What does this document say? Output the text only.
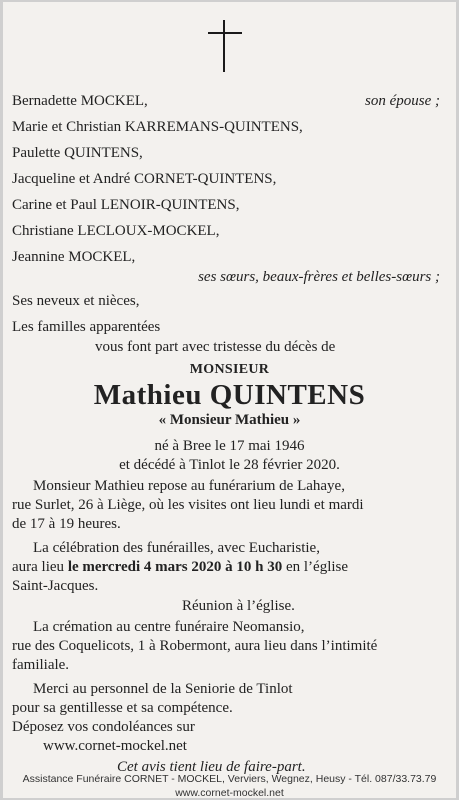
Bernadette MOCKEL,	son épouse ;
Marie et Christian KARREMANS-QUINTENS,
Paulette QUINTENS,
Jacqueline et André CORNET-QUINTENS,
Carine et Paul LENOIR-QUINTENS,
Christiane LECLOUX-MOCKEL,
Jeannine MOCKEL,
ses sœurs, beaux-frères et belles-sœurs ;
Ses neveux et nièces,
Les familles apparentées
vous font part avec tristesse du décès de
MONSIEUR
Mathieu QUINTENS
« Monsieur Mathieu »
né à Bree le 17 mai 1946
et décédé à Tinlot le 28 février 2020.
Monsieur Mathieu repose au funérarium de Lahaye,
rue Surlet, 26 à Liège, où les visites ont lieu lundi et mardi
de 17 à 19 heures.
La célébration des funérailles, avec Eucharistie,
aura lieu le mercredi 4 mars 2020 à 10 h 30 en l’église
Saint-Jacques.
Réunion à l’église.
La crémation au centre funéraire Neomansio,
rue des Coquelicots, 1 à Robermont, aura lieu dans l’intimité
familiale.
Merci au personnel de la Seniorie de Tinlot
pour sa gentillesse et sa compétence.
Déposez vos condoléances sur
www.cornet-mockel.net
Cet avis tient lieu de faire-part.
Assistance Funéraire CORNET - MOCKEL, Verviers, Wegnez, Heusy - Tél. 087/33.73.79
www.cornet-mockel.net
